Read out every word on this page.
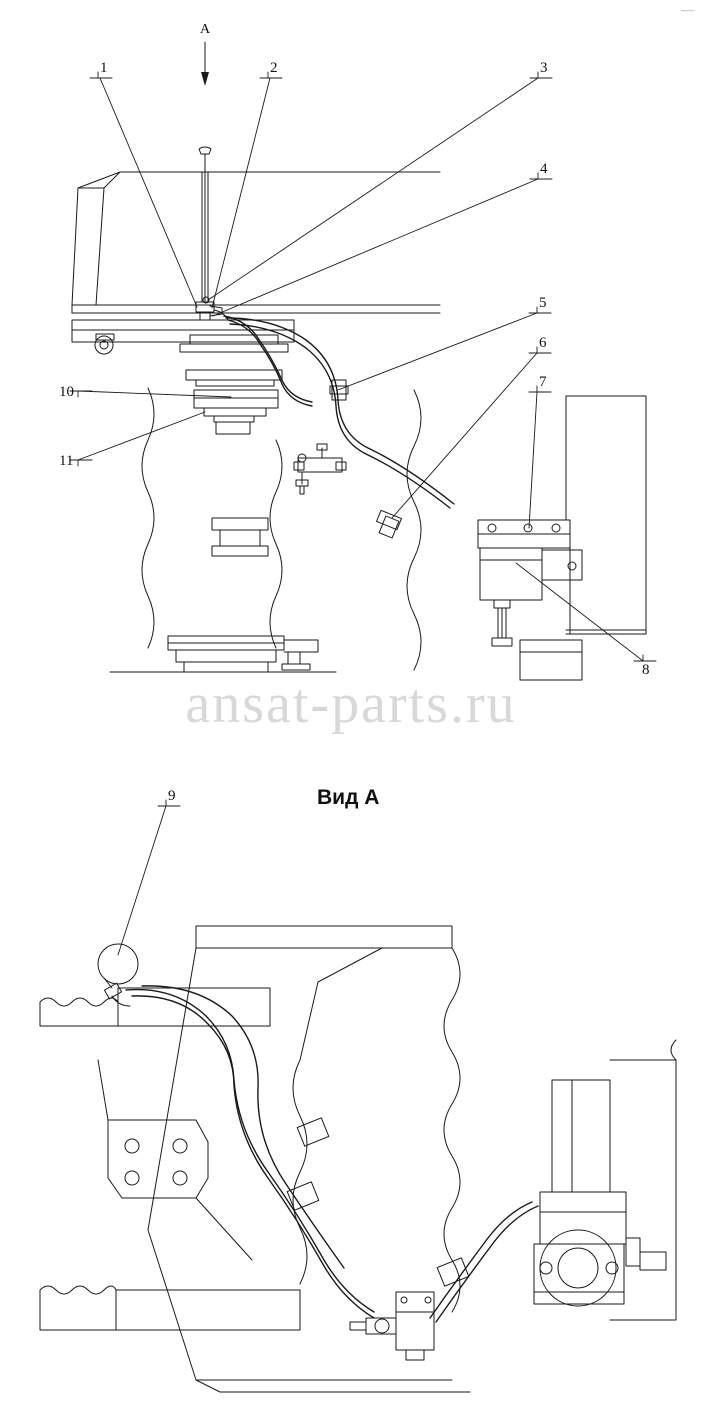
—
А
Вид А
1	2	3
4
5
6
7
8
9
10
11
ansat-parts.ru
